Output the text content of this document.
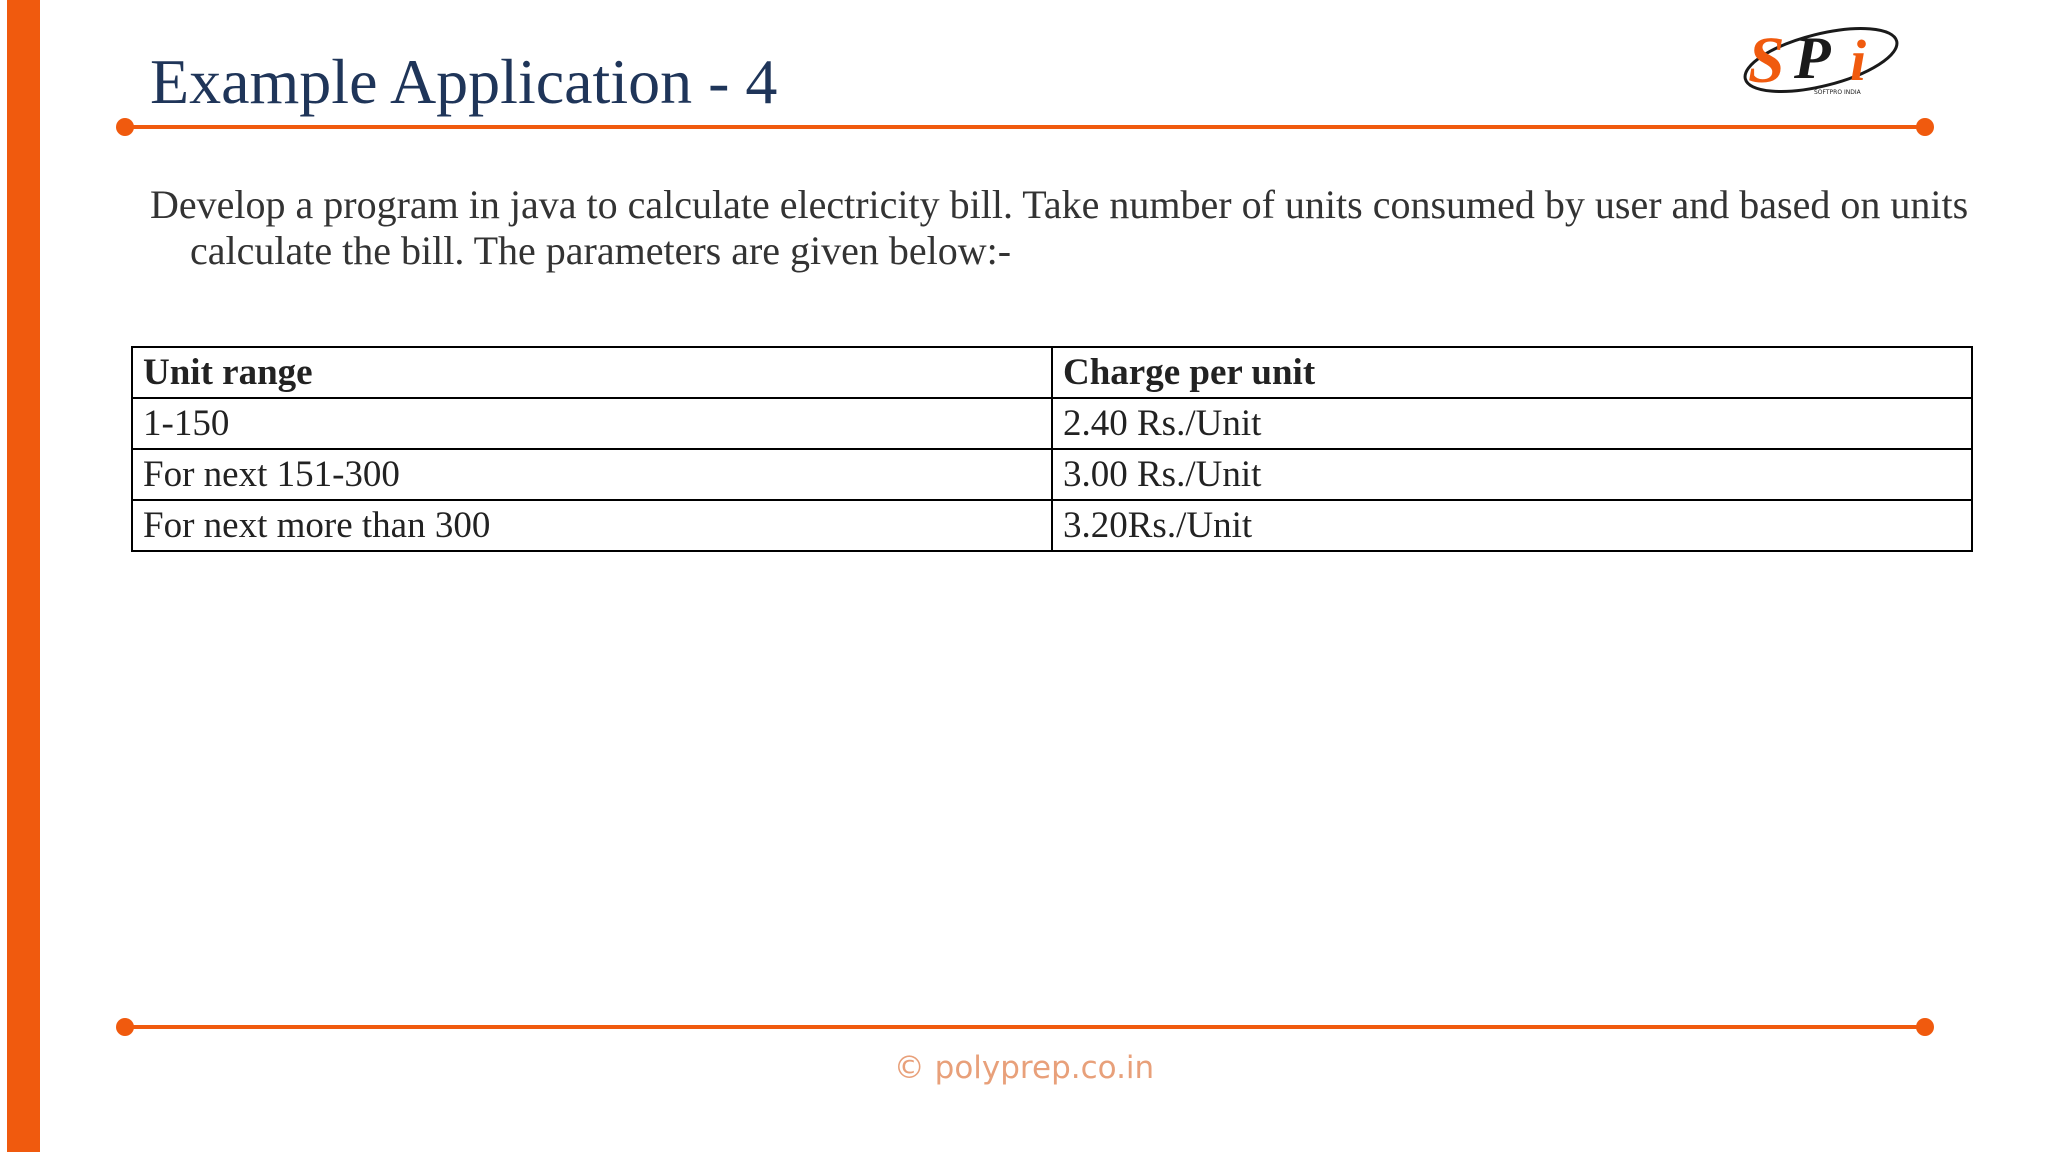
Example Application - 4	S P i
SOFTPRO INDIA
Develop a program in java to calculate electricity bill. Take number of units consumed by user and based on units calculate the bill. The parameters are given below:-
Unit range	Charge per unit
1-150	2.40 Rs./Unit
For next 151-300	3.00 Rs./Unit
For next more than 300	3.20Rs./Unit
© polyprep.co.in
